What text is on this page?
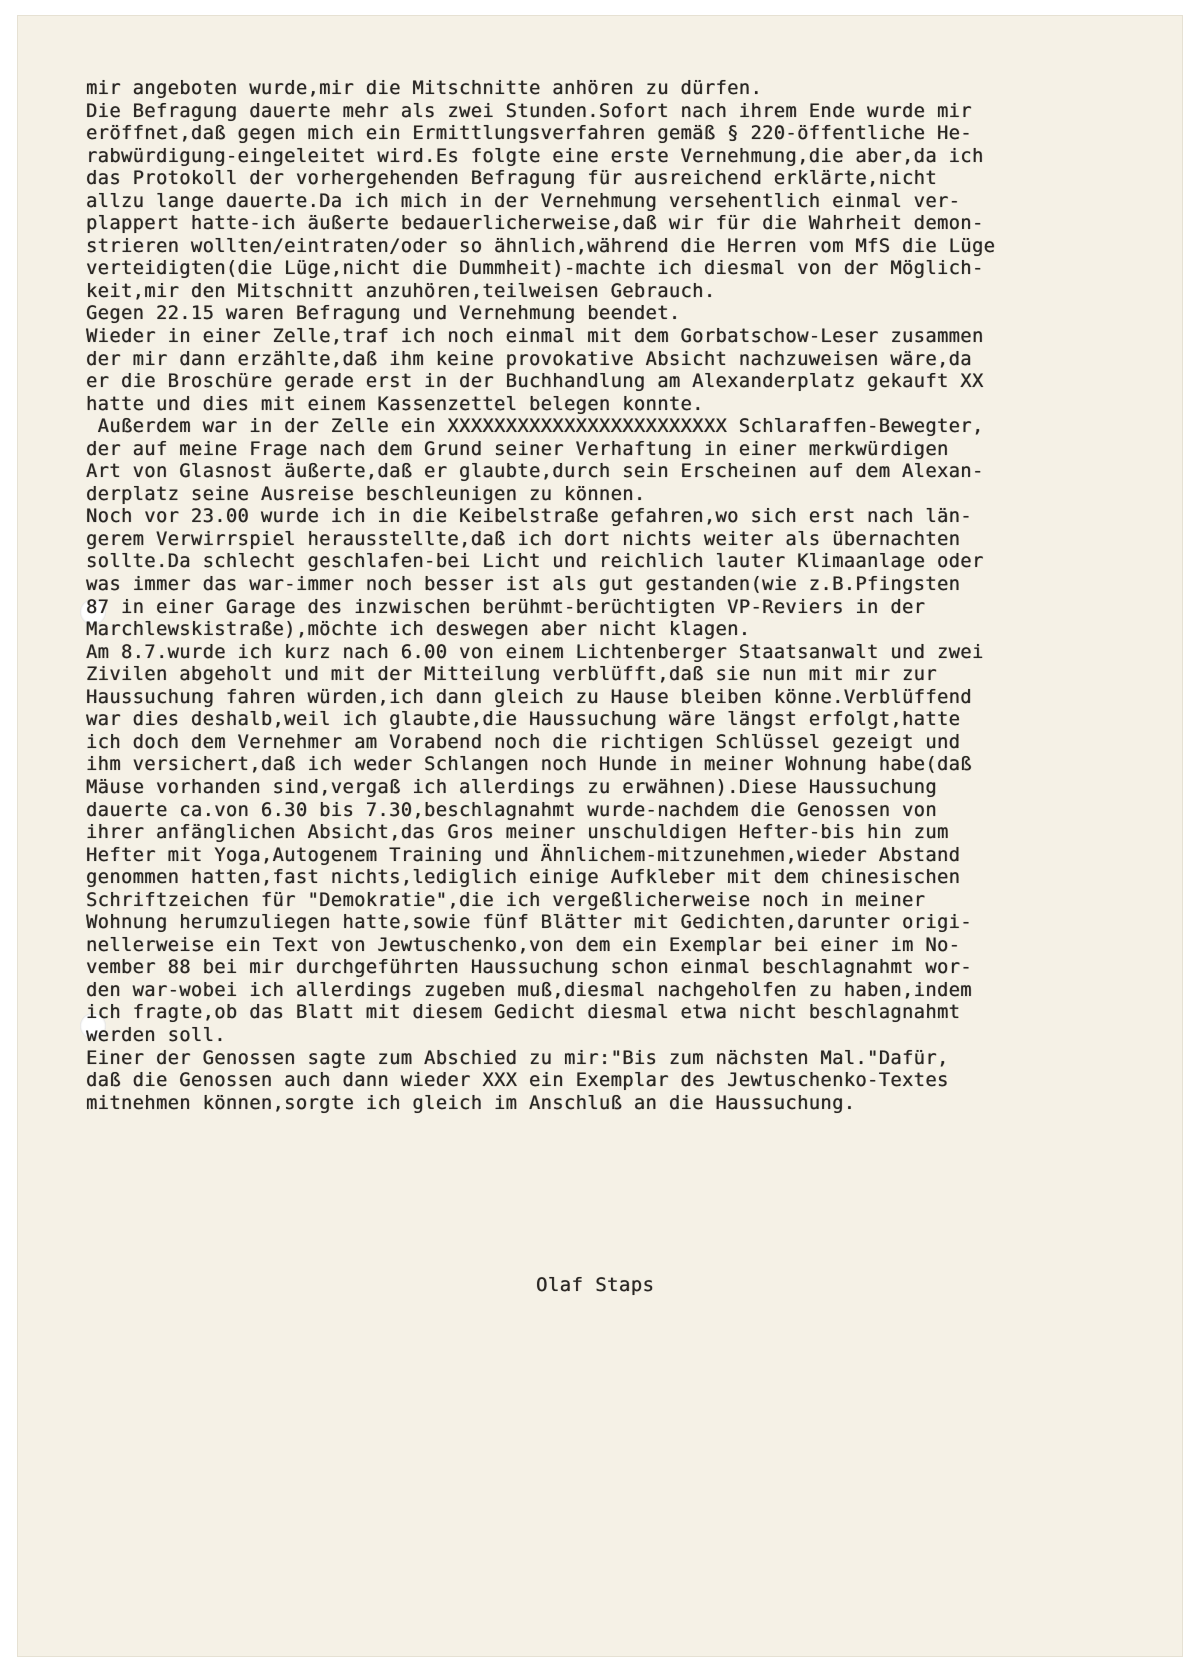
mir angeboten wurde,mir die Mitschnitte anhören zu dürfen.
Die Befragung dauerte mehr als zwei Stunden.Sofort nach ihrem Ende wurde mir
eröffnet,daß gegen mich ein Ermittlungsverfahren gemäß § 220-öffentliche He-
rabwürdigung-eingeleitet wird.Es folgte eine erste Vernehmung,die aber,da ich
das Protokoll der vorhergehenden Befragung für ausreichend erklärte,nicht
allzu lange dauerte.Da ich mich in der Vernehmung versehentlich einmal ver-
plappert hatte-ich äußerte bedauerlicherweise,daß wir für die Wahrheit demon-
strieren wollten/eintraten/oder so ähnlich,während die Herren vom MfS die Lüge
verteidigten(die Lüge,nicht die Dummheit)-machte ich diesmal von der Möglich-
keit,mir den Mitschnitt anzuhören,teilweisen Gebrauch.
Gegen 22.15 waren Befragung und Vernehmung beendet.
Wieder in einer Zelle,traf ich noch einmal mit dem Gorbatschow-Leser zusammen
der mir dann erzählte,daß ihm keine provokative Absicht nachzuweisen wäre,da
er die Broschüre gerade erst in der Buchhandlung am Alexanderplatz gekauft XX
hatte und dies mit einem Kassenzettel belegen konnte.
Außerdem war in der Zelle ein XXXXXXXXXXXXXXXXXXXXXXXX Schlaraffen-Bewegter,
der auf meine Frage nach dem Grund seiner Verhaftung in einer merkwürdigen
Art von Glasnost äußerte,daß er glaubte,durch sein Erscheinen auf dem Alexan-
derplatz seine Ausreise beschleunigen zu können.
Noch vor 23.00 wurde ich in die Keibelstraße gefahren,wo sich erst nach län-
gerem Verwirrspiel herausstellte,daß ich dort nichts weiter als übernachten
sollte.Da schlecht geschlafen-bei Licht und reichlich lauter Klimaanlage oder
was immer das war-immer noch besser ist als gut gestanden(wie z.B.Pfingsten
87 in einer Garage des inzwischen berühmt-berüchtigten VP-Reviers in der
Marchlewskistraße),möchte ich deswegen aber nicht klagen.
Am 8.7.wurde ich kurz nach 6.00 von einem Lichtenberger Staatsanwalt und zwei
Zivilen abgeholt und mit der Mitteilung verblüfft,daß sie nun mit mir zur
Haussuchung fahren würden,ich dann gleich zu Hause bleiben könne.Verblüffend
war dies deshalb,weil ich glaubte,die Haussuchung wäre längst erfolgt,hatte
ich doch dem Vernehmer am Vorabend noch die richtigen Schlüssel gezeigt und
ihm versichert,daß ich weder Schlangen noch Hunde in meiner Wohnung habe(daß
Mäuse vorhanden sind,vergaß ich allerdings zu erwähnen).Diese Haussuchung
dauerte ca.von 6.30 bis 7.30,beschlagnahmt wurde-nachdem die Genossen von
ihrer anfänglichen Absicht,das Gros meiner unschuldigen Hefter-bis hin zum
Hefter mit Yoga,Autogenem Training und Ähnlichem-mitzunehmen,wieder Abstand
genommen hatten,fast nichts,lediglich einige Aufkleber mit dem chinesischen
Schriftzeichen für "Demokratie",die ich vergeßlicherweise noch in meiner
Wohnung herumzuliegen hatte,sowie fünf Blätter mit Gedichten,darunter origi-
nellerweise ein Text von Jewtuschenko,von dem ein Exemplar bei einer im No-
vember 88 bei mir durchgeführten Haussuchung schon einmal beschlagnahmt wor-
den war-wobei ich allerdings zugeben muß,diesmal nachgeholfen zu haben,indem
ich fragte,ob das Blatt mit diesem Gedicht diesmal etwa nicht beschlagnahmt
werden soll.
Einer der Genossen sagte zum Abschied zu mir:"Bis zum nächsten Mal."Dafür,
daß die Genossen auch dann wieder XXX ein Exemplar des Jewtuschenko-Textes
mitnehmen können,sorgte ich gleich im Anschluß an die Haussuchung.
Olaf Staps
